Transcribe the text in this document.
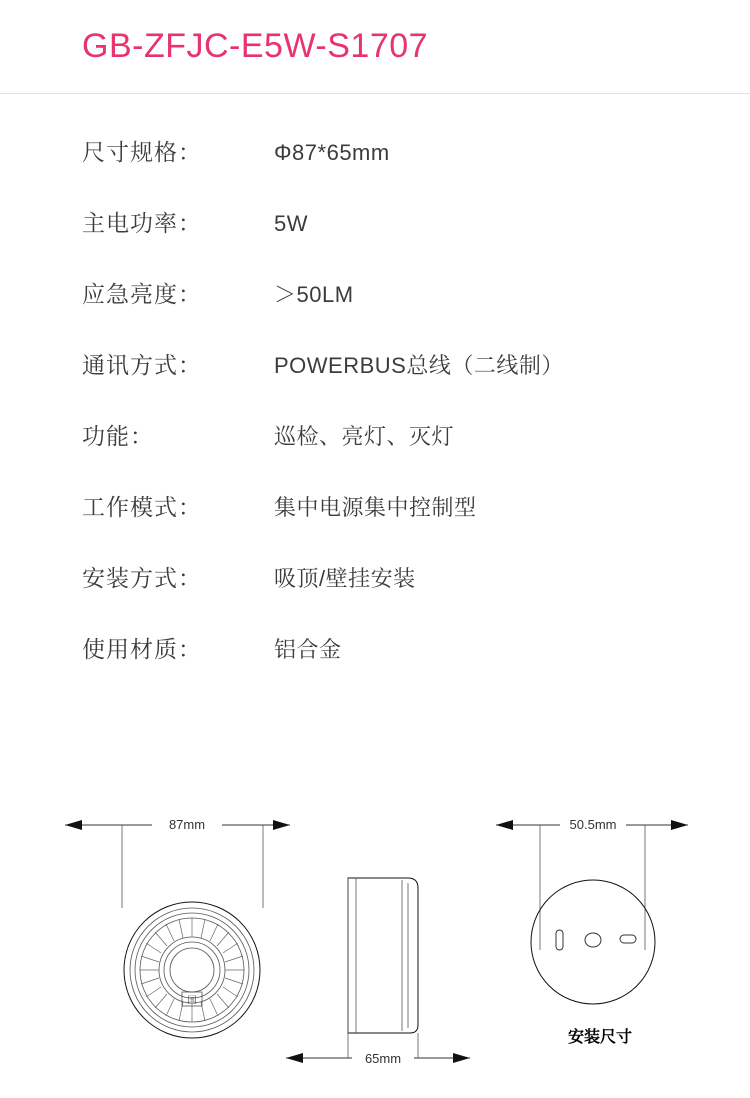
GB-ZFJC-E5W-S1707
尺寸规格：	Φ87*65mm
主电功率：	5W
应急亮度：	＞50LM
通讯方式：	POWERBUS总线（二线制）
功能：	巡检、亮灯、灭灯
工作模式：	集中电源集中控制型
安装方式：	吸顶/壁挂安装
使用材质：	铝合金
国
87mm
65mm
50.5mm
安装尺寸
